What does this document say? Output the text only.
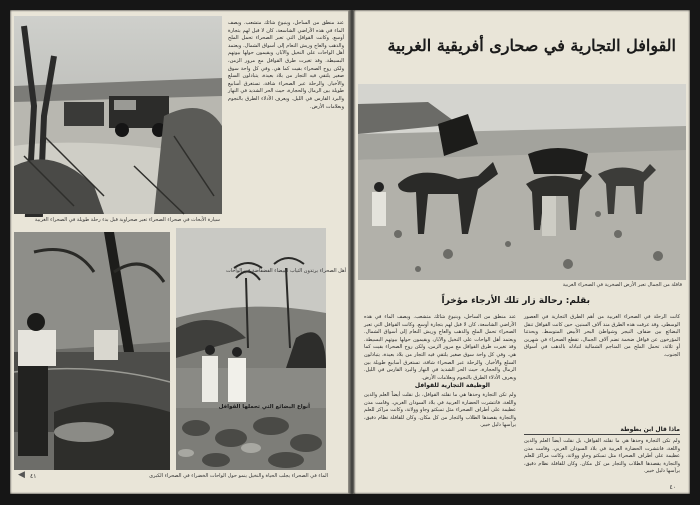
سيارة الأبحاث في صحراء الصحراء تعبر صحراوية قبل بدء رحلة طويلة في الصحراء الغربية
عند منطق من الساحل، وينبوع شائك متشعب. ويصف الماء في هذه الأراضي الشاسعة، كان لا قبل لهم بتجارة أوسع. وكانت القوافل التي تعبر الصحراء تحمل الملح والذهب والعاج وريش النعام إلى أسواق الشمال. ويعتمد أهل الواحات على النخيل والآبار، ويقيمون حولها بيوتهم البسيطة. وقد تغيرت طرق القوافل مع مرور الزمن، ولكن روح الصحراء بقيت كما هي. وفي كل واحة سوق صغير يلتقي فيه التجار من بلاد بعيدة، يتبادلون السلع والأخبار. والرحلة عبر الصحراء شاقة، تستغرق أسابيع طويلة بين الرمال والحجارة، حيث الحر الشديد في النهار والبرد القارس في الليل. ويعرف الأدلاء الطرق بالنجوم وبعلامات الأرض.
الماء في الصحراء يجلب الحياة والنخيل ينمو حول الواحات الخضراء في الصحراء الكبرى
◀ ٤١
القوافل التجارية في صحارى أفريقية الغربية
قافلة من الجمال تعبر الأرض الصخرية في الصحراء الغربية
بقلم: رحالة زار تلك الأرجاء مؤخراً
كانت الرحلة في الصحراء الغربية من أهم الطرق التجارية في العصور الوسطى. وقد عرفت هذه الطرق منذ آلاف السنين، حين كانت القوافل تنقل البضائع بين ضفاف النيجر وشواطئ البحر الأبيض المتوسط. ويحدثنا المؤرخون عن قوافل ضخمة تضم آلاف الجمال، تقطع الصحراء في شهرين أو ثلاثة، تحمل الملح من المناجم الشمالية لتبادله بالذهب في أسواق الجنوب.
ماذا قال ابن بطوطة
ولم تكن التجارة وحدها هي ما نقلته القوافل، بل نقلت أيضاً العلم والدين واللغة، فانتشرت الحضارة العربية في بلاد السودان الغربي. وقامت مدن عظيمة على أطراف الصحراء مثل تمبكتو وجاو وولاتة، وكانت مراكز للعلم والتجارة يقصدها الطلاب والتجار من كل مكان. وكان للقافلة نظام دقيق، يرأسها دليل خبير.
عند منطق من الساحل، وينبوع شائك متشعب. ويصف الماء في هذه الأراضي الشاسعة، كان لا قبل لهم بتجارة أوسع. وكانت القوافل التي تعبر الصحراء تحمل الملح والذهب والعاج وريش النعام إلى أسواق الشمال. ويعتمد أهل الواحات على النخيل والآبار، ويقيمون حولها بيوتهم البسيطة. وقد تغيرت طرق القوافل مع مرور الزمن، ولكن روح الصحراء بقيت كما هي. وفي كل واحة سوق صغير يلتقي فيه التجار من بلاد بعيدة، يتبادلون السلع والأخبار. والرحلة عبر الصحراء شاقة، تستغرق أسابيع طويلة بين الرمال والحجارة، حيث الحر الشديد في النهار والبرد القارس في الليل. ويعرف الأدلاء الطرق بالنجوم وبعلامات الأرض.
الوظيفة التجارية للقوافل
ولم تكن التجارة وحدها هي ما نقلته القوافل، بل نقلت أيضاً العلم والدين واللغة، فانتشرت الحضارة العربية في بلاد السودان الغربي. وقامت مدن عظيمة على أطراف الصحراء مثل تمبكتو وجاو وولاتة، وكانت مراكز للعلم والتجارة يقصدها الطلاب والتجار من كل مكان. وكان للقافلة نظام دقيق، يرأسها دليل خبير.
٤٠
أنواع البضائع التي تحملها القوافل
أهل الصحراء يرتدون الثياب البيضاء الفضفاضة في الواحات
